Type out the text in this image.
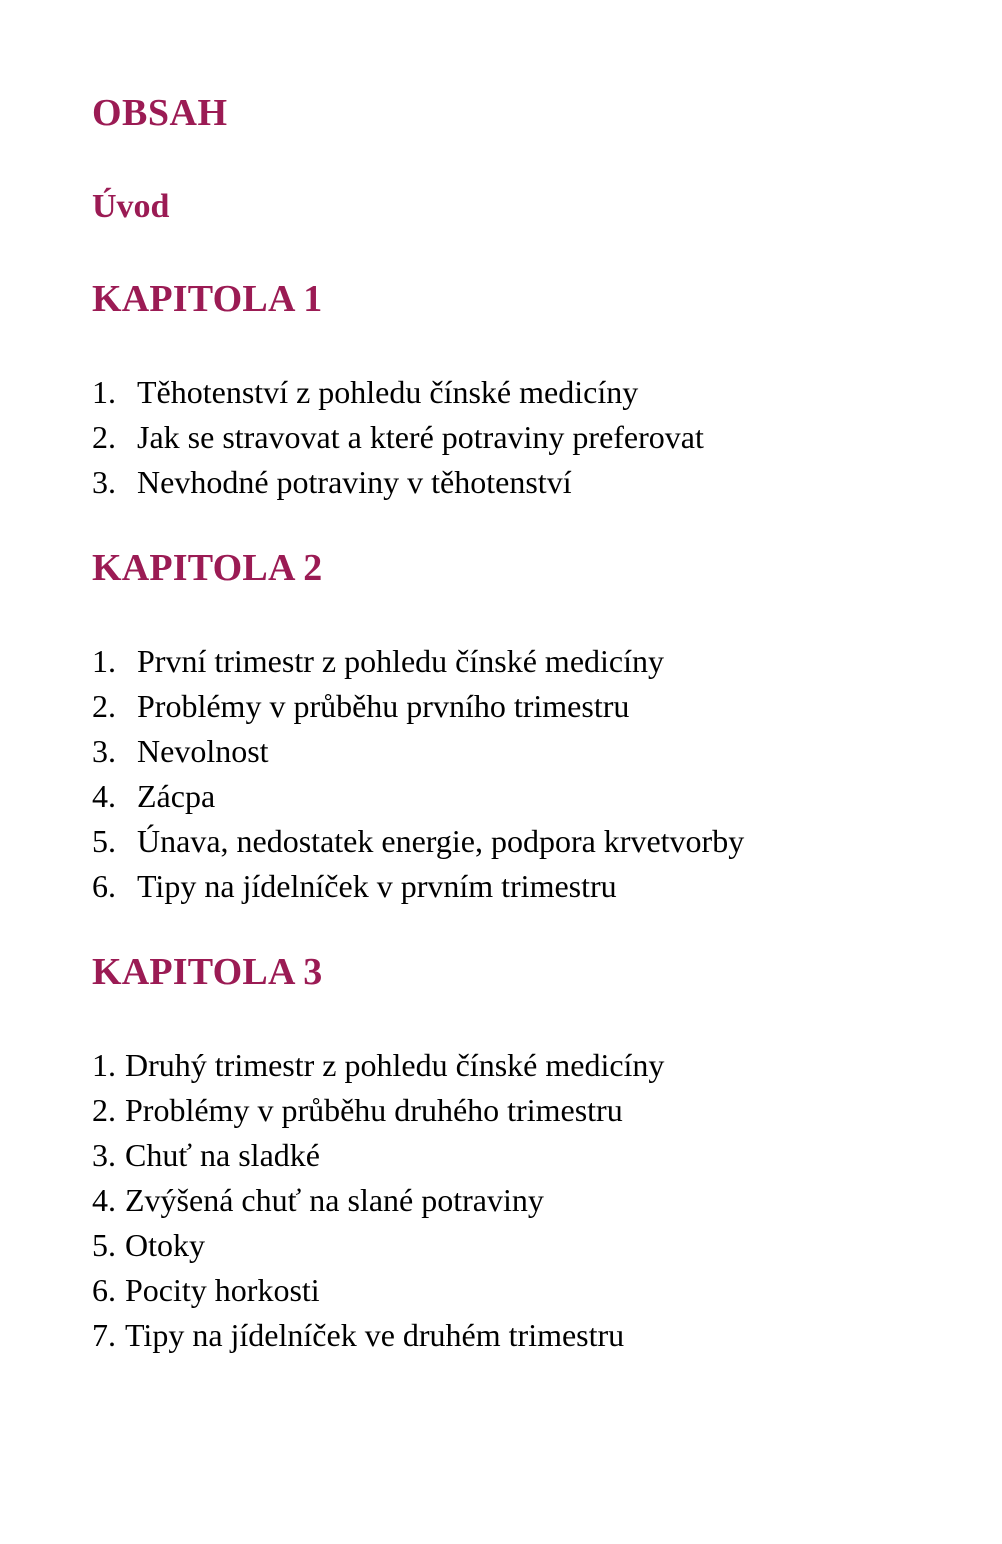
OBSAH
Úvod
KAPITOLA 1
1. Těhotenství z pohledu čínské medicíny
2. Jak se stravovat a které potraviny preferovat
3. Nevhodné potraviny v těhotenství
KAPITOLA 2
1. První trimestr z pohledu čínské medicíny
2. Problémy v průběhu prvního trimestru
3. Nevolnost
4. Zácpa
5. Únava, nedostatek energie, podpora krvetvorby
6. Tipy na jídelníček v prvním trimestru
KAPITOLA 3
1. Druhý trimestr z pohledu čínské medicíny
2. Problémy v průběhu druhého trimestru
3. Chuť na sladké
4. Zvýšená chuť na slané potraviny
5. Otoky
6. Pocity horkosti
7. Tipy na jídelníček ve druhém trimestru
